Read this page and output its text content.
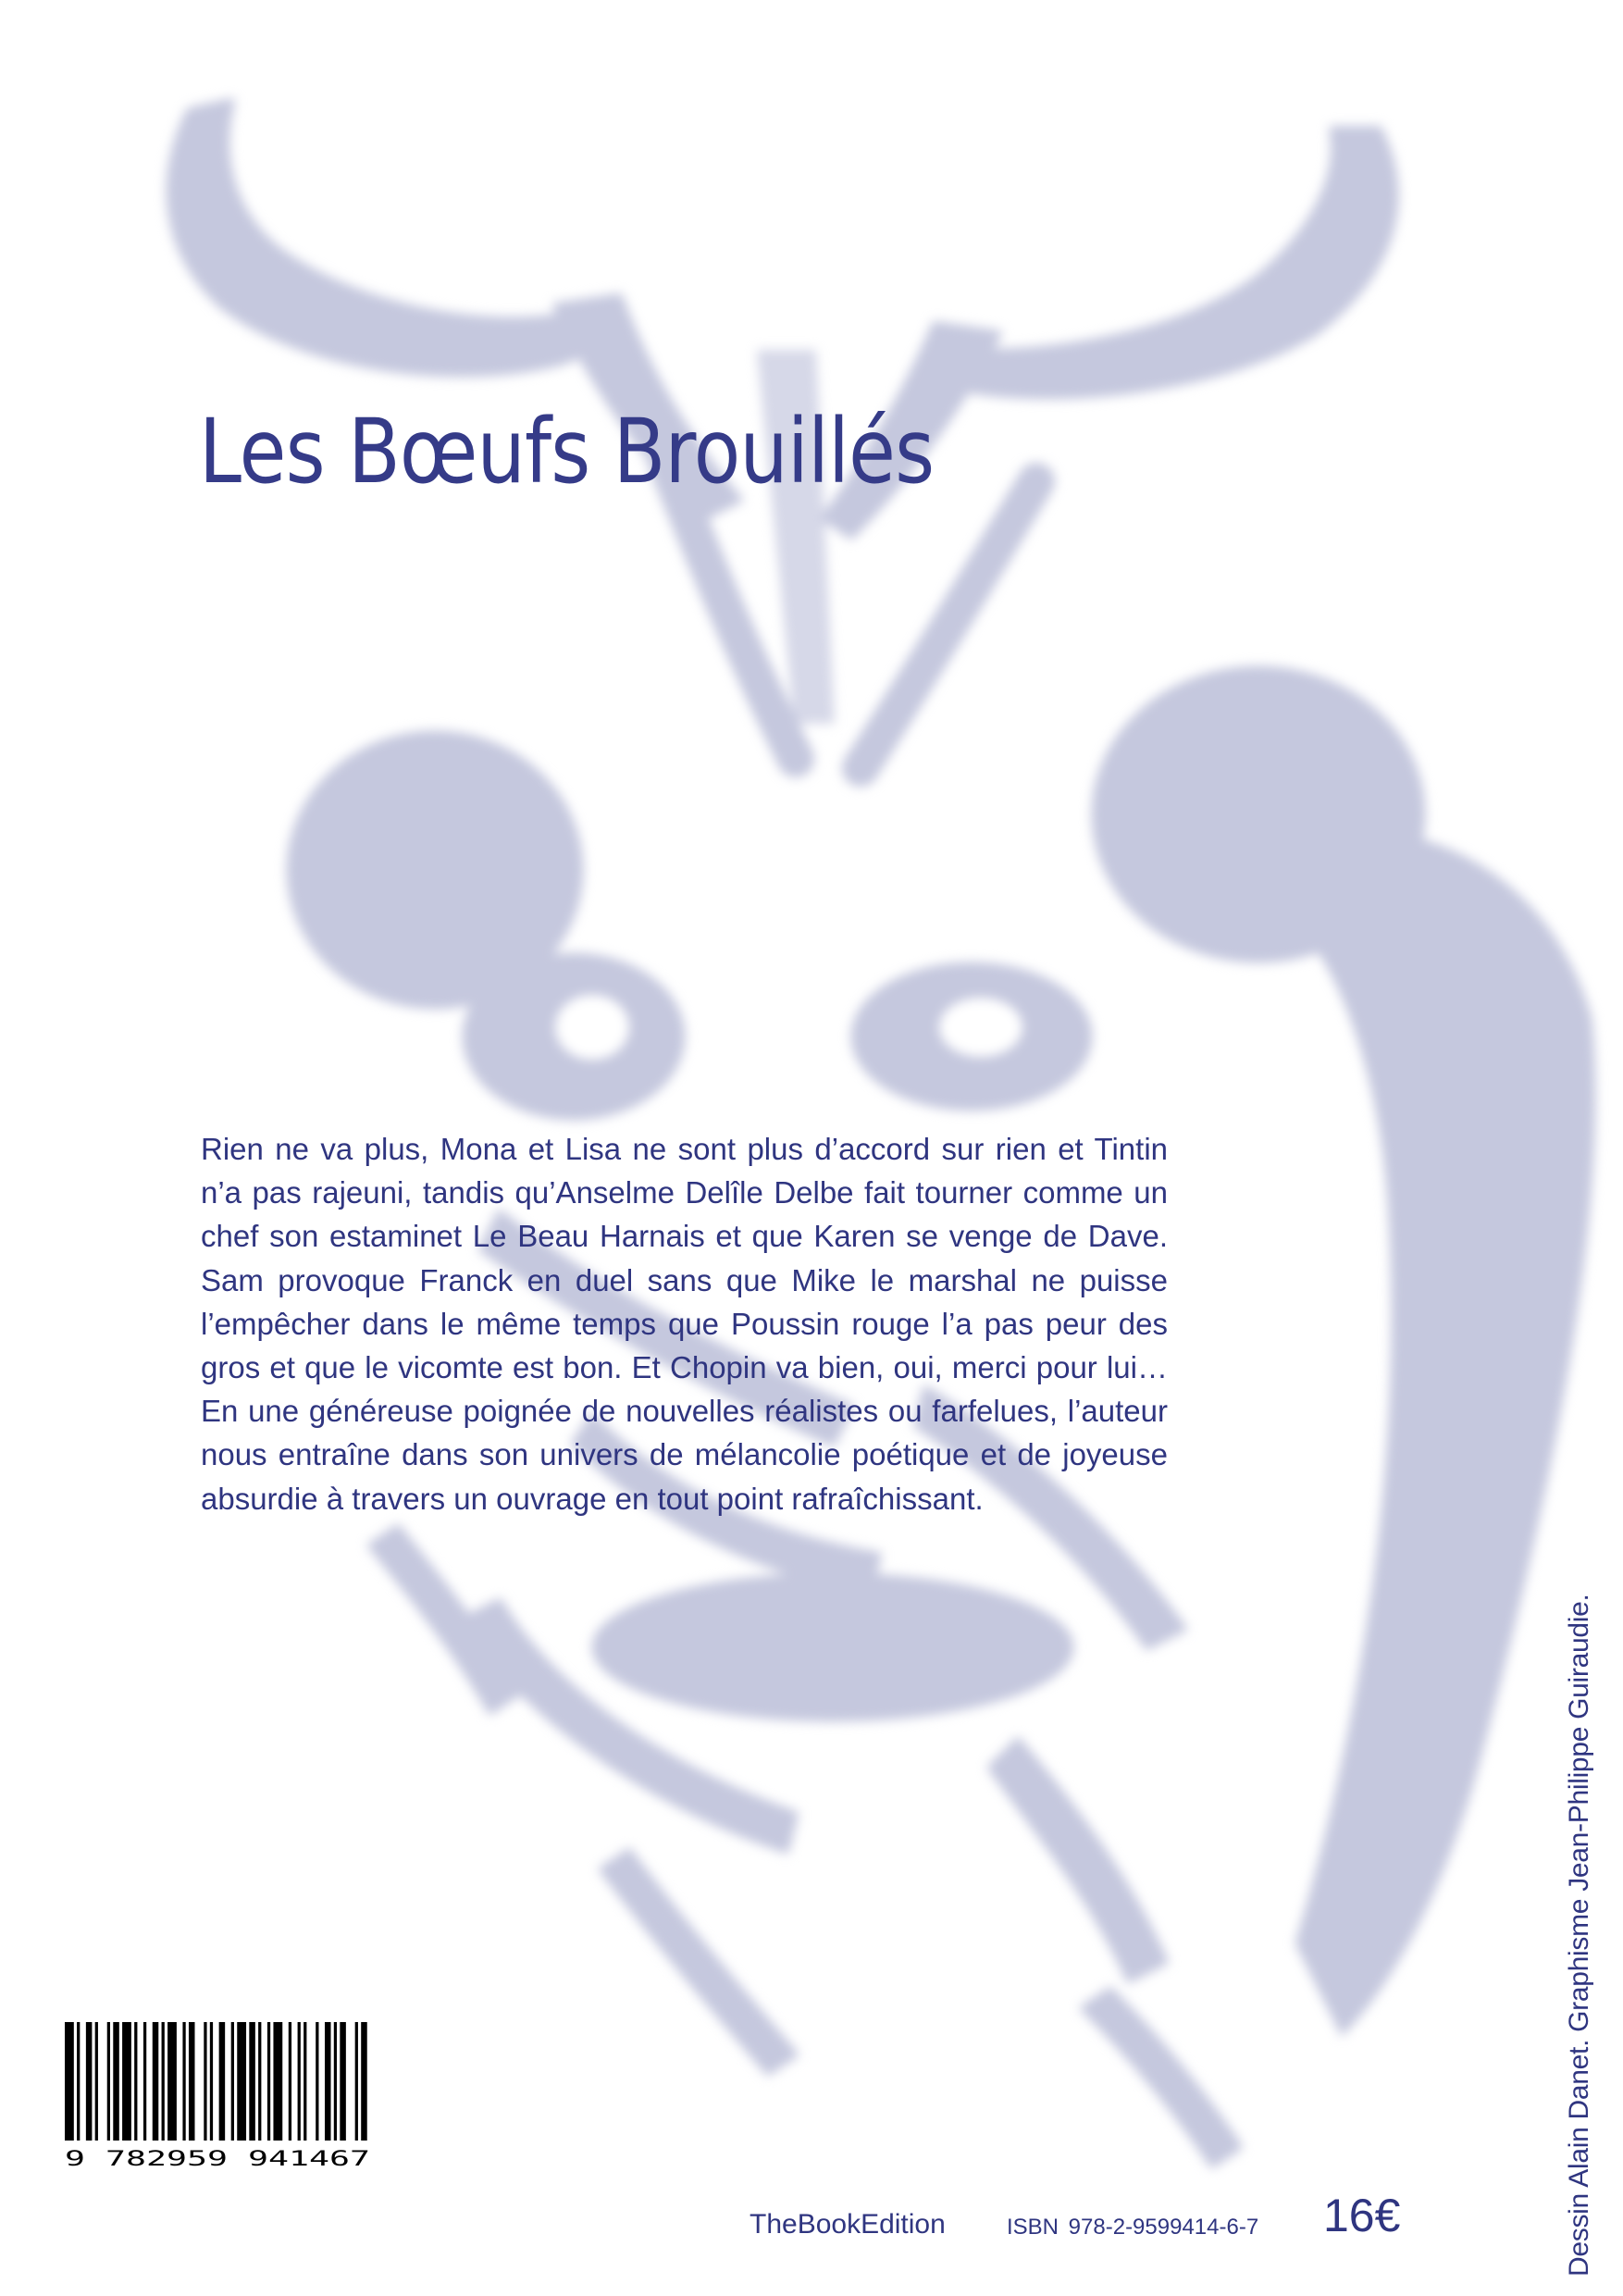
Les Bœufs Brouillés

Rien ne va plus, Mona et Lisa ne sont plus d’accord sur rien et Tintin n’a pas rajeuni, tandis qu’Anselme Delîle Delbe fait tourner comme un chef son estaminet Le Beau Harnais et que Karen se venge de Dave. Sam provoque Franck en duel sans que Mike le marshal ne puisse l’empêcher dans le même temps que Poussin rouge l’a pas peur des gros et que le vicomte est bon. Et Chopin va bien, oui, merci pour lui… En une généreuse poignée de nouvelles réalistes ou farfelues, l’auteur nous entraîne dans son univers de mélancolie poétique et de joyeuse absurdie à travers un ouvrage en tout point rafraîchissant.

Dessin Alain Danet. Graphisme Jean-Philippe Guiraudie.

9 782959 941467

TheBookEdition	ISBN 978-2-9599414-6-7 16€
